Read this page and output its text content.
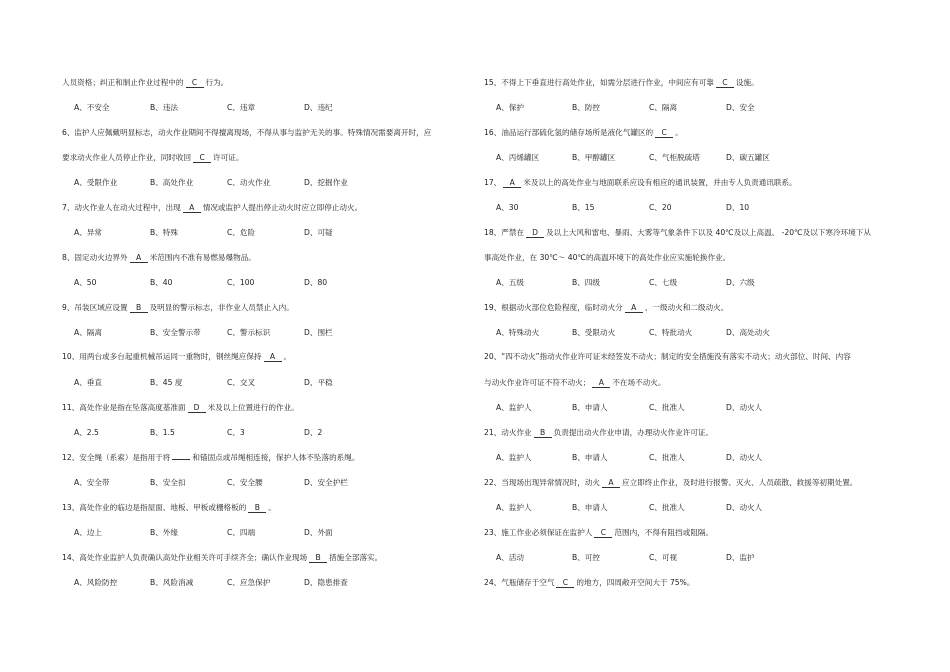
人员资格；纠正和制止作业过程中的 C 行为。
A、不安全	B、违法	C、违章	D、违纪
6、监护人应佩戴明显标志，动火作业期间不得擅离现场，不得从事与监护无关的事。特殊情况需要离开时，应
要求动火作业人员停止作业，同时收回 C 许可证。
A、受限作业	B、高处作业	C、动火作业	D、挖掘作业
7、动火作业人在动火过程中，出现 A 情况或监护人提出停止动火时应立即停止动火。
A、异常	B、特殊	C、危险	D、可疑
8、固定动火边界外 A 米范围内不准有易燃易爆物品。
A、50	B、40	C、100	D、80
9、吊装区域应设置 B 及明显的警示标志，非作业人员禁止入内。
A、隔离	B、安全警示带	C、警示标识	D、围栏
10、用两台或多台起重机械吊运同一重物时，钢丝绳应保持 A 。
A、垂直	B、45 度	C、交叉	D、平稳
11、高处作业是指在坠落高度基准面 D 米及以上位置进行的作业。
A、2.5	B、1.5	C、3	D、2
12、安全绳（系索）是指用于将	和锚固点或吊绳相连接，保护人体不坠落的系绳。
A、安全带	B、安全扣	C、安全腰	D、安全护栏
13、高处作业的临边是指屋面、地板、甲板或栅格板的 B 。
A、边上	B、外缘	C、四端	D、外面
14、高处作业监护人负责确认高处作业相关许可手续齐全；确认作业现场 B 措施全部落实。
A、风险防控	B、风险消减	C、应急保护	D、隐患排查
15、不得上下垂直进行高处作业，如需分层进行作业，中间应有可靠 C 设施。
A、保护	B、防控	C、隔离	D、安全
16、油品运行部硫化氢的储存场所是液化气罐区的 C 。
A、丙烯罐区	B、甲醇罐区	C、气柜脱硫塔	D、碳五罐区
17、 A 米及以上的高处作业与地面联系应设有相应的通讯装置，并由专人负责通讯联系。
A、30	B、15	C、20	D、10
18、严禁在 D 及以上大风和雷电、暴雨、大雾等气象条件下以及 40℃及以上高温、 -20℃及以下寒冷环境下从
事高处作业，在 30℃～ 40℃的高温环境下的高处作业应实施轮换作业。
A、五级	B、四级	C、七级	D、六级
19、根据动火部位危险程度，临时动火分 A 、一级动火和二级动火。
A、特殊动火	B、受限动火	C、特批动火	D、高处动火
20、“四不动火”指动火作业许可证未经签发不动火；制定的安全措施没有落实不动火；动火部位、时间、内容
与动火作业许可证不符不动火； A 不在场不动火。
A、监护人	B、申请人	C、批准人	D、动火人
21、动火作业 B 负责提出动火作业申请，办理动火作业许可证。
A、监护人	B、申请人	C、批准人	D、动火人
22、当现场出现异常情况时，动火 A 应立即终止作业，及时进行报警、灭火、人员疏散、救援等初期处置。
A、监护人	B、申请人	C、批准人	D、动火人
23、施工作业必须保证在监护人 C 范围内，不得有阻挡或阻隔。
A、活动	B、可控	C、可视	D、监护
24、气瓶储存于空气 C 的地方，四周敞开空间大于 75%。
